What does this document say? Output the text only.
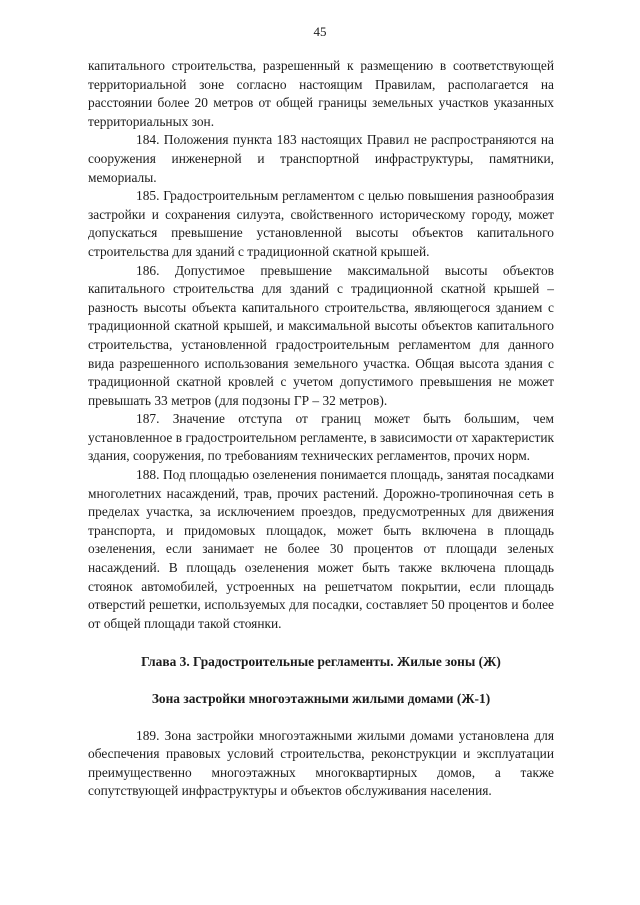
45

капитального строительства, разрешенный к размещению в соответствующей территориальной зоне согласно настоящим Правилам, располагается на расстоянии более 20 метров от общей границы земельных участков указанных территориальных зон.

184. Положения пункта 183 настоящих Правил не распространяются на сооружения инженерной и транспортной инфраструктуры, памятники, мемориалы.

185. Градостроительным регламентом с целью повышения разнообразия застройки и сохранения силуэта, свойственного историческому городу, может допускаться превышение установленной высоты объектов капитального строительства для зданий с традиционной скатной крышей.

186. Допустимое превышение максимальной высоты объектов капитального строительства для зданий с традиционной скатной крышей – разность высоты объекта капитального строительства, являющегося зданием с традиционной скатной крышей, и максимальной высоты объектов капитального строительства, установленной градостроительным регламентом для данного вида разрешенного использования земельного участка. Общая высота здания с традиционной скатной кровлей с учетом допустимого превышения не может превышать 33 метров (для подзоны ГР – 32 метров).

187. Значение отступа от границ может быть большим, чем установленное в градостроительном регламенте, в зависимости от характеристик здания, сооружения, по требованиям технических регламентов, прочих норм.

188. Под площадью озеленения понимается площадь, занятая посадками многолетних насаждений, трав, прочих растений. Дорожно-тропиночная сеть в пределах участка, за исключением проездов, предусмотренных для движения транспорта, и придомовых площадок, может быть включена в площадь озеленения, если занимает не более 30 процентов от площади зеленых насаждений. В площадь озеленения может быть также включена площадь стоянок автомобилей, устроенных на решетчатом покрытии, если площадь отверстий решетки, используемых для посадки, составляет 50 процентов и более от общей площади такой стоянки.

Глава 3. Градостроительные регламенты. Жилые зоны (Ж)

Зона застройки многоэтажными жилыми домами (Ж-1)

189. Зона застройки многоэтажными жилыми домами установлена для обеспечения правовых условий строительства, реконструкции и эксплуатации преимущественно многоэтажных многоквартирных домов, а также сопутствующей инфраструктуры и объектов обслуживания населения.
